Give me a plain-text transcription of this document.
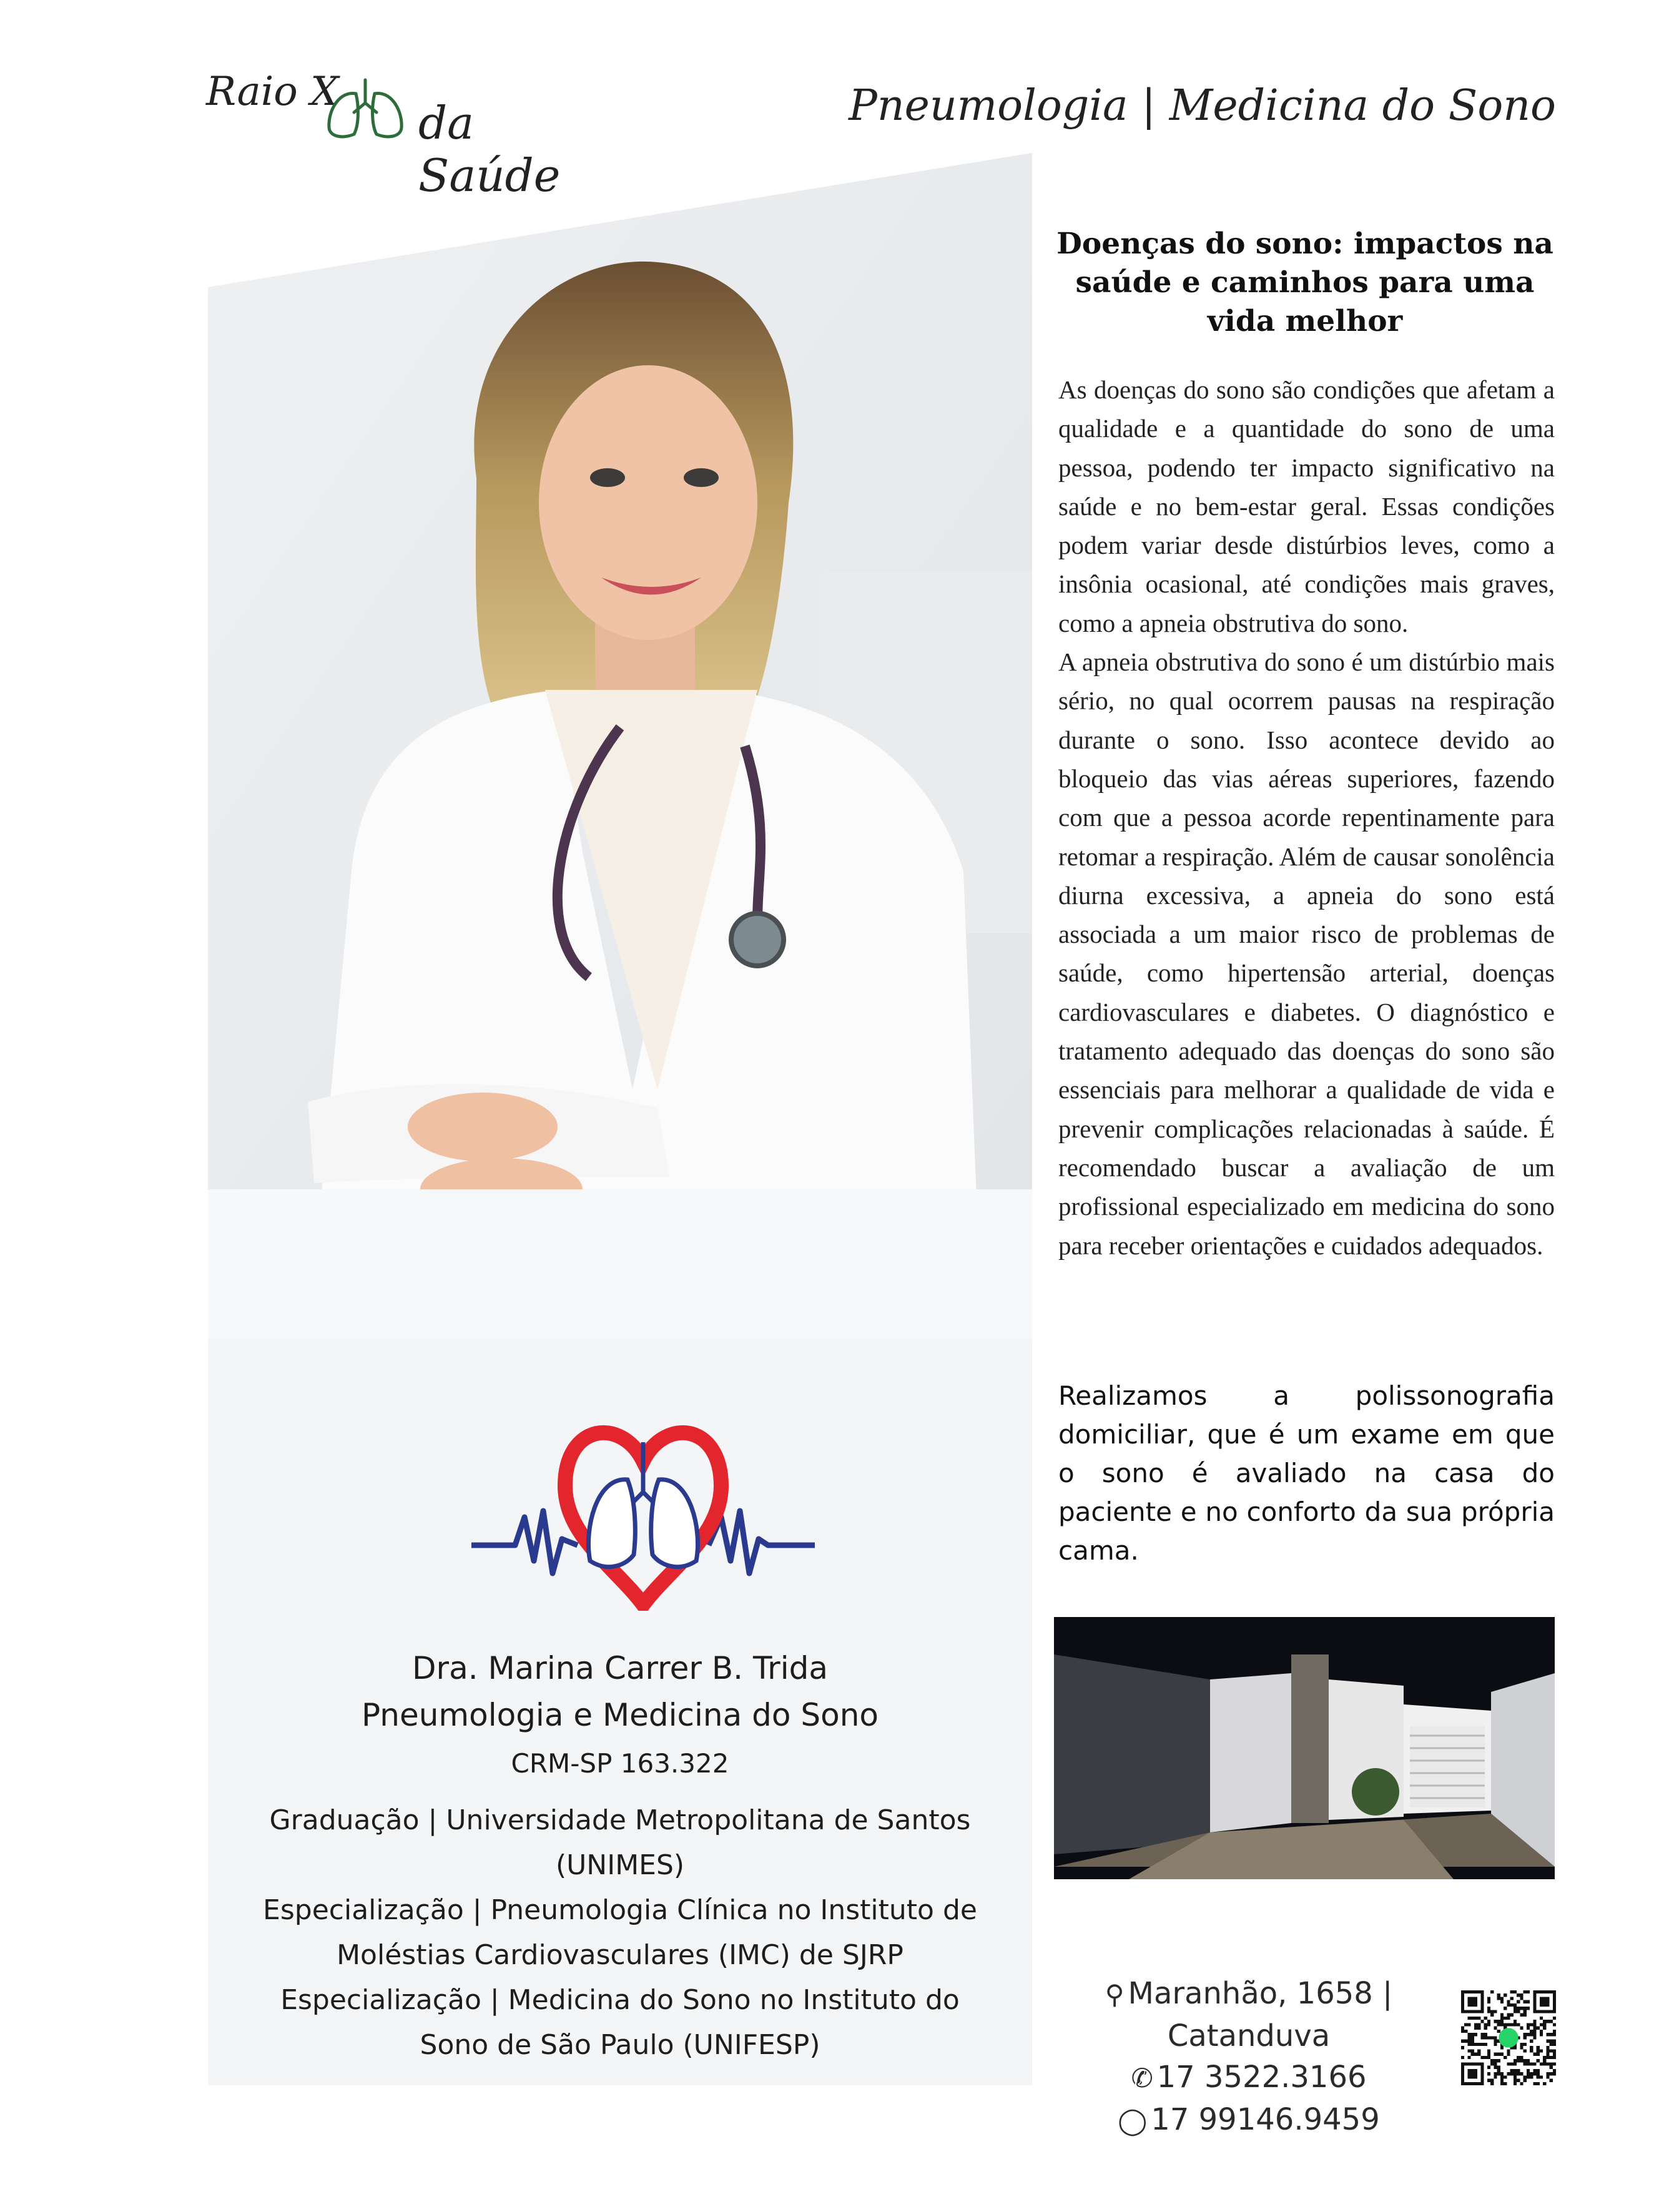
Raio X
da Saúde
Pneumologia | Medicina do Sono
Dra. Marina Carrer B. Trida
Pneumologia e Medicina do Sono
CRM-SP 163.322
Graduação | Universidade Metropolitana de Santos (UNIMES)
Especialização | Pneumologia Clínica no Instituto de Moléstias Cardiovasculares (IMC) de SJRP
Especialização | Medicina do Sono no Instituto do Sono de São Paulo (UNIFESP)
Doenças do sono: impactos na saúde e caminhos para uma vida melhor

As doenças do sono são condições que afetam a qualidade e a quantidade do sono de uma pessoa, podendo ter impacto significativo na saúde e no bem-estar geral. Essas condições podem variar desde distúrbios leves, como a insônia ocasional, até condições mais graves, como a apneia obstrutiva do sono.

A apneia obstrutiva do sono é um distúrbio mais sério, no qual ocorrem pausas na respiração durante o sono. Isso acontece devido ao bloqueio das vias aéreas superiores, fazendo com que a pessoa acorde repentinamente para retomar a respiração. Além de causar sonolência diurna excessiva, a apneia do sono está associada a um maior risco de problemas de saúde, como hipertensão arterial, doenças cardiovasculares e diabetes. O diagnóstico e tratamento adequado das doenças do sono são essenciais para melhorar a qualidade de vida e prevenir complicações relacionadas à saúde. É recomendado buscar a avaliação de um profissional especializado em medicina do sono para receber orientações e cuidados adequados.

Realizamos a polissonografia domiciliar, que é um exame em que o sono é avaliado na casa do paciente e no conforto da sua própria cama.
⚲ Maranhão, 1658 | Catanduva
✆ 17 3522.3166
◯ 17 99146.9459
